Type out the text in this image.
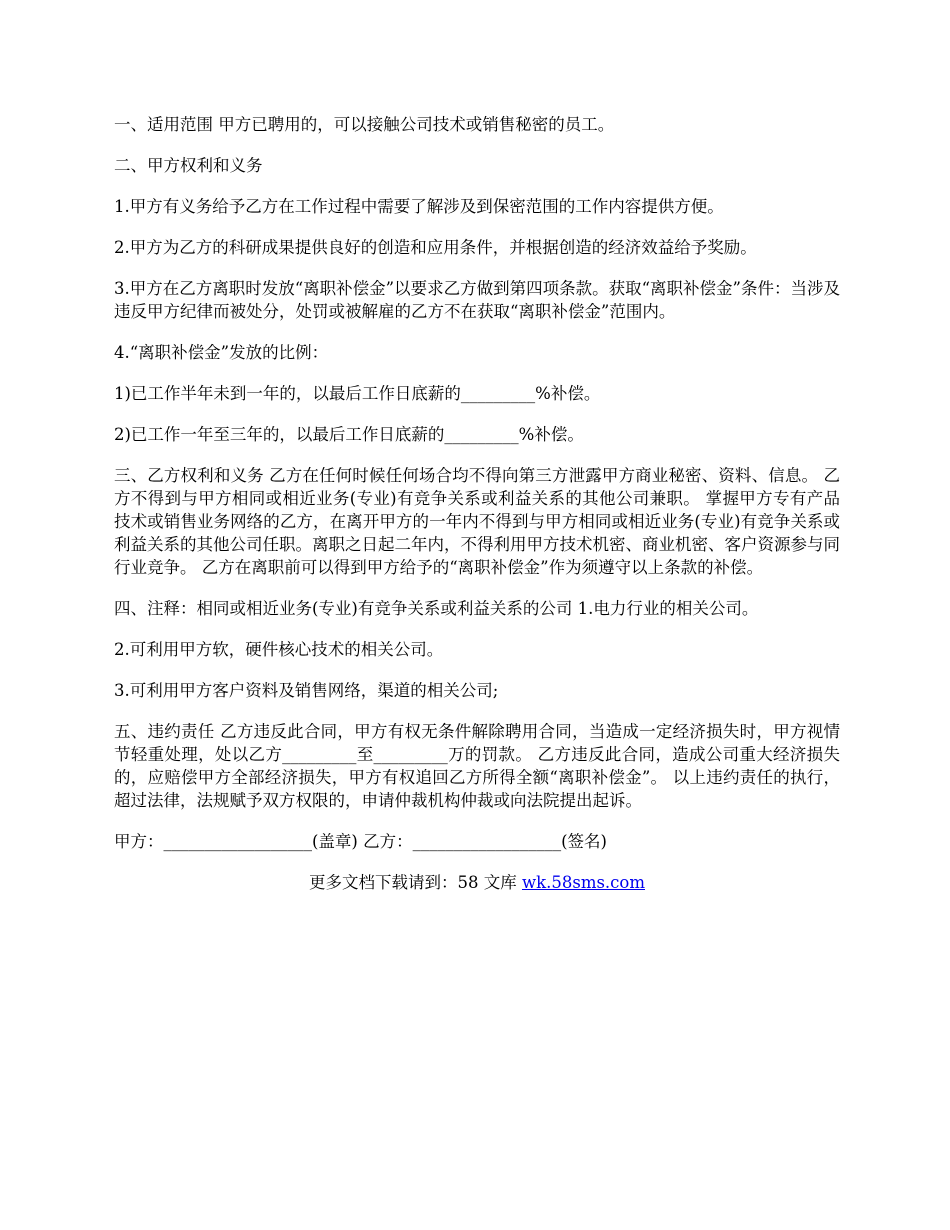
一、适用范围 甲方已聘用的，可以接触公司技术或销售秘密的员工。

二、甲方权利和义务

1.甲方有义务给予乙方在工作过程中需要了解涉及到保密范围的工作内容提供方便。

2.甲方为乙方的科研成果提供良好的创造和应用条件，并根据创造的经济效益给予奖励。

3.甲方在乙方离职时发放“离职补偿金”以要求乙方做到第四项条款。获取“离职补偿金”条件：当涉及违反甲方纪律而被处分，处罚或被解雇的乙方不在获取“离职补偿金”范围内。

4.“离职补偿金”发放的比例：

1)已工作半年未到一年的，以最后工作日底薪的_________%补偿。

2)已工作一年至三年的，以最后工作日底薪的_________%补偿。

三、乙方权利和义务 乙方在任何时候任何场合均不得向第三方泄露甲方商业秘密、资料、信息。 乙方不得到与甲方相同或相近业务(专业)有竞争关系或利益关系的其他公司兼职。 掌握甲方专有产品技术或销售业务网络的乙方，在离开甲方的一年内不得到与甲方相同或相近业务(专业)有竞争关系或利益关系的其他公司任职。离职之日起二年内，不得利用甲方技术机密、商业机密、客户资源参与同行业竞争。 乙方在离职前可以得到甲方给予的“离职补偿金”作为须遵守以上条款的补偿。

四、注释：相同或相近业务(专业)有竞争关系或利益关系的公司 1.电力行业的相关公司。

2.可利用甲方软，硬件核心技术的相关公司。

3.可利用甲方客户资料及销售网络，渠道的相关公司;

五、违约责任 乙方违反此合同，甲方有权无条件解除聘用合同，当造成一定经济损失时，甲方视情节轻重处理，处以乙方_________至_________万的罚款。 乙方违反此合同，造成公司重大经济损失的，应赔偿甲方全部经济损失，甲方有权追回乙方所得全额“离职补偿金”。 以上违约责任的执行，超过法律，法规赋予双方权限的，申请仲裁机构仲裁或向法院提出起诉。

甲方：__________________(盖章) 乙方：__________________(签名)

更多文档下载请到：58 文库 wk.58sms.com
